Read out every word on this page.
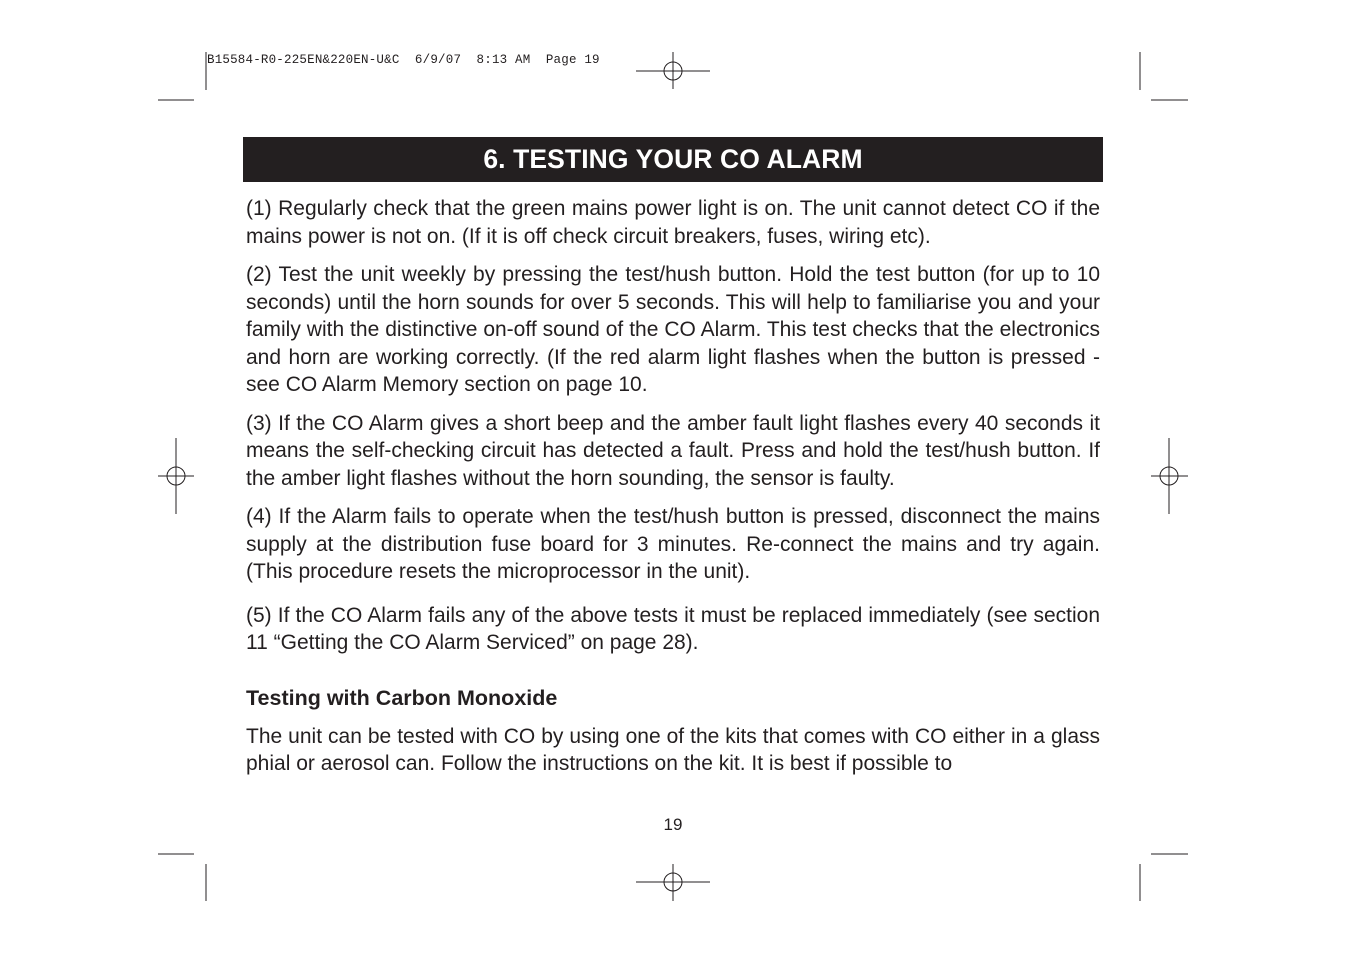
B15584-R0-225EN&220EN-U&C  6/9/07  8:13 AM  Page 19
6. TESTING YOUR CO ALARM

(1) Regularly check that the green mains power light is on. The unit cannot detect CO if the mains power is not on. (If it is off check circuit breakers, fuses, wiring etc).

(2) Test the unit weekly by pressing the test/hush button. Hold the test button (for up to 10 seconds) until the horn sounds for over 5 seconds. This will help to familiarise you and your family with the distinctive on-off sound of the CO Alarm. This test checks that the electronics and horn are working correctly. (If the red alarm light flashes when the button is pressed - see CO Alarm Memory section on page 10.

(3) If the CO Alarm gives a short beep and the amber fault light flashes every 40 seconds it means the self-checking circuit has detected a fault. Press and hold the test/hush button. If the amber light flashes without the horn sounding, the sensor is faulty.

(4) If the Alarm fails to operate when the test/hush button is pressed, disconnect the mains supply at the distribution fuse board for 3 minutes. Re-connect the mains and try again. (This procedure resets the microprocessor in the unit).

(5) If the CO Alarm fails any of the above tests it must be replaced immediately (see section 11 “Getting the CO Alarm Serviced” on page 28).

Testing with Carbon Monoxide

The unit can be tested with CO by using one of the kits that comes with CO either in a glass phial or aerosol can. Follow the instructions on the kit. It is best if possible to

19
